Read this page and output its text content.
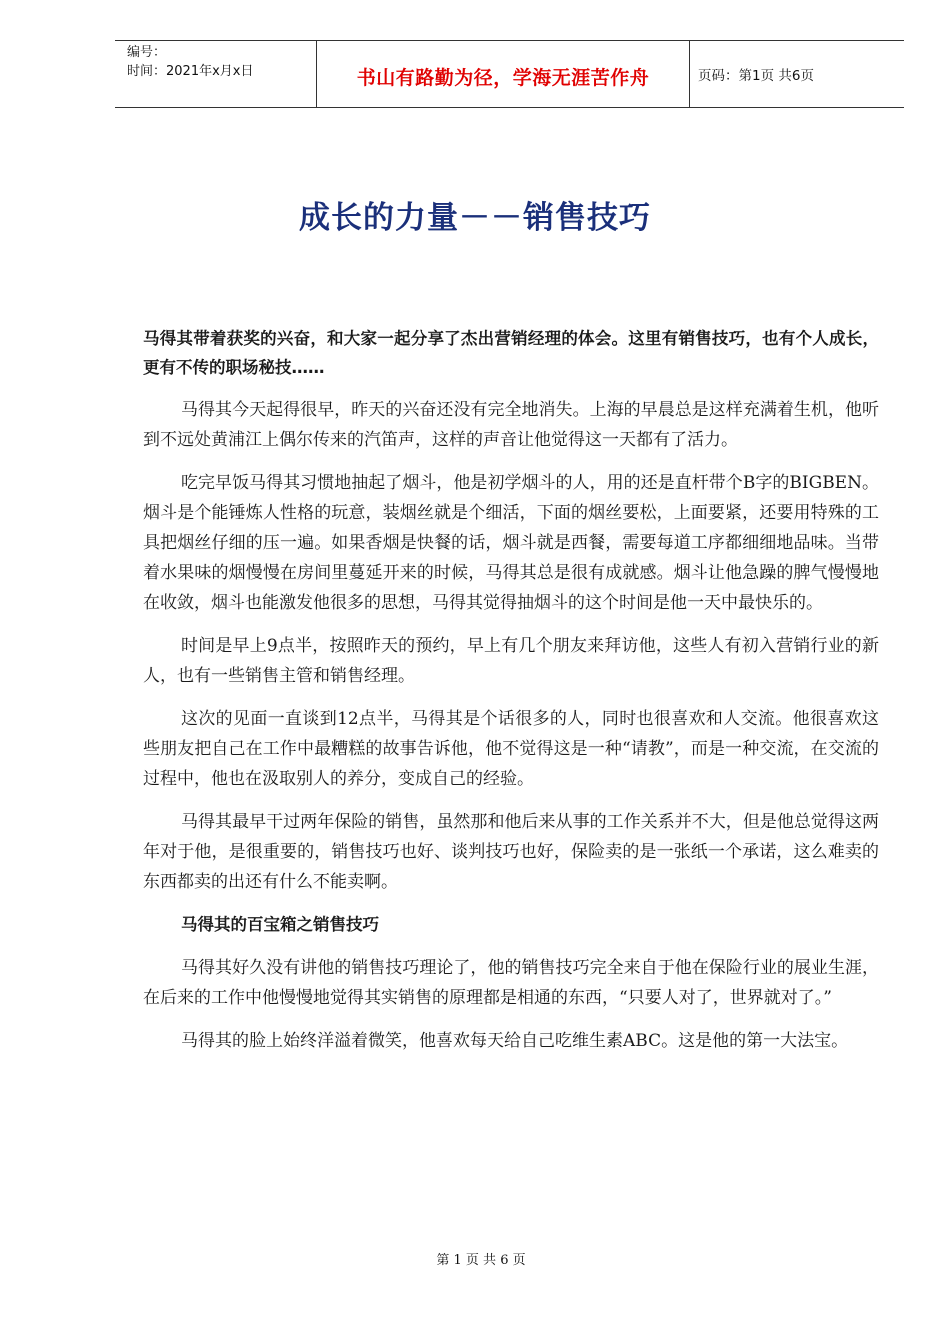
编号：
时间：2021年x月x日	书山有路勤为径，学海无涯苦作舟	页码：第1页 共6页
成长的力量－－销售技巧

马得其带着获奖的兴奋，和大家一起分享了杰出营销经理的体会。这里有销售技巧，也有个人成长，更有不传的职场秘技……

马得其今天起得很早，昨天的兴奋还没有完全地消失。上海的早晨总是这样充满着生机，他听到不远处黄浦江上偶尔传来的汽笛声，这样的声音让他觉得这一天都有了活力。

吃完早饭马得其习惯地抽起了烟斗，他是初学烟斗的人，用的还是直杆带个B字的BIGBEN。烟斗是个能锤炼人性格的玩意，装烟丝就是个细活，下面的烟丝要松，上面要紧，还要用特殊的工具把烟丝仔细的压一遍。如果香烟是快餐的话，烟斗就是西餐，需要每道工序都细细地品味。当带着水果味的烟慢慢在房间里蔓延开来的时候，马得其总是很有成就感。烟斗让他急躁的脾气慢慢地在收敛，烟斗也能激发他很多的思想，马得其觉得抽烟斗的这个时间是他一天中最快乐的。

时间是早上9点半，按照昨天的预约，早上有几个朋友来拜访他，这些人有初入营销行业的新人，也有一些销售主管和销售经理。

这次的见面一直谈到12点半，马得其是个话很多的人，同时也很喜欢和人交流。他很喜欢这些朋友把自己在工作中最糟糕的故事告诉他，他不觉得这是一种“请教”，而是一种交流，在交流的过程中，他也在汲取别人的养分，变成自己的经验。

马得其最早干过两年保险的销售，虽然那和他后来从事的工作关系并不大，但是他总觉得这两年对于他，是很重要的，销售技巧也好、谈判技巧也好，保险卖的是一张纸一个承诺，这么难卖的东西都卖的出还有什么不能卖啊。

马得其的百宝箱之销售技巧

马得其好久没有讲他的销售技巧理论了，他的销售技巧完全来自于他在保险行业的展业生涯，在后来的工作中他慢慢地觉得其实销售的原理都是相通的东西，“只要人对了，世界就对了。”

马得其的脸上始终洋溢着微笑，他喜欢每天给自己吃维生素ABC。这是他的第一大法宝。

第 1 页 共 6 页
